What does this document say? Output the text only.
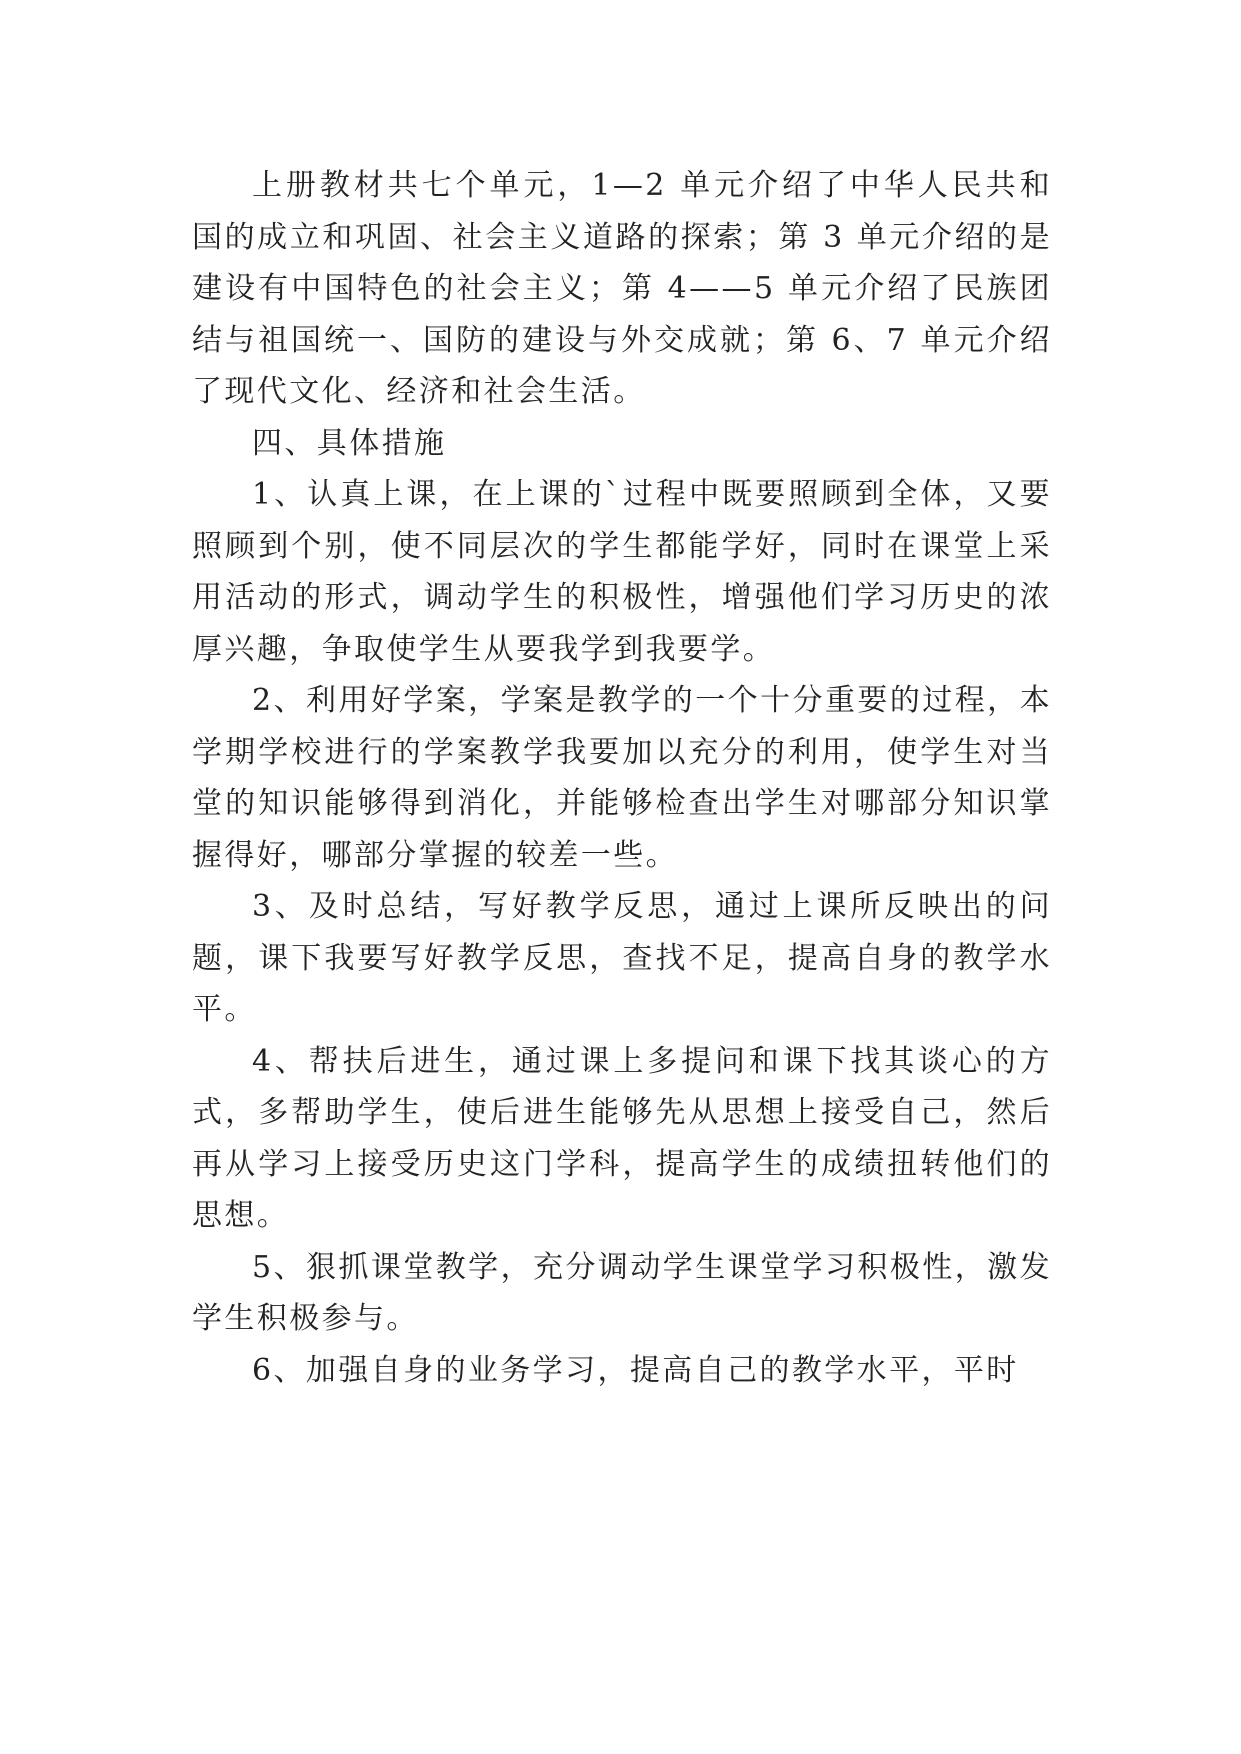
上册教材共七个单元，1—2 单元介绍了中华人民共和国的成立和巩固、社会主义道路的探索；第 3 单元介绍的是建设有中国特色的社会主义；第 4——5 单元介绍了民族团结与祖国统一、国防的建设与外交成就；第 6、7 单元介绍了现代文化、经济和社会生活。

四、具体措施

1、认真上课，在上课的`过程中既要照顾到全体，又要照顾到个别，使不同层次的学生都能学好，同时在课堂上采用活动的形式，调动学生的积极性，增强他们学习历史的浓厚兴趣，争取使学生从要我学到我要学。

2、利用好学案，学案是教学的一个十分重要的过程，本学期学校进行的学案教学我要加以充分的利用，使学生对当堂的知识能够得到消化，并能够检查出学生对哪部分知识掌握得好，哪部分掌握的较差一些。

3、及时总结，写好教学反思，通过上课所反映出的问题，课下我要写好教学反思，查找不足，提高自身的教学水平。

4、帮扶后进生，通过课上多提问和课下找其谈心的方式，多帮助学生，使后进生能够先从思想上接受自己，然后再从学习上接受历史这门学科，提高学生的成绩扭转他们的思想。

5、狠抓课堂教学，充分调动学生课堂学习积极性，激发学生积极参与。

6、加强自身的业务学习，提高自己的教学水平，平时
